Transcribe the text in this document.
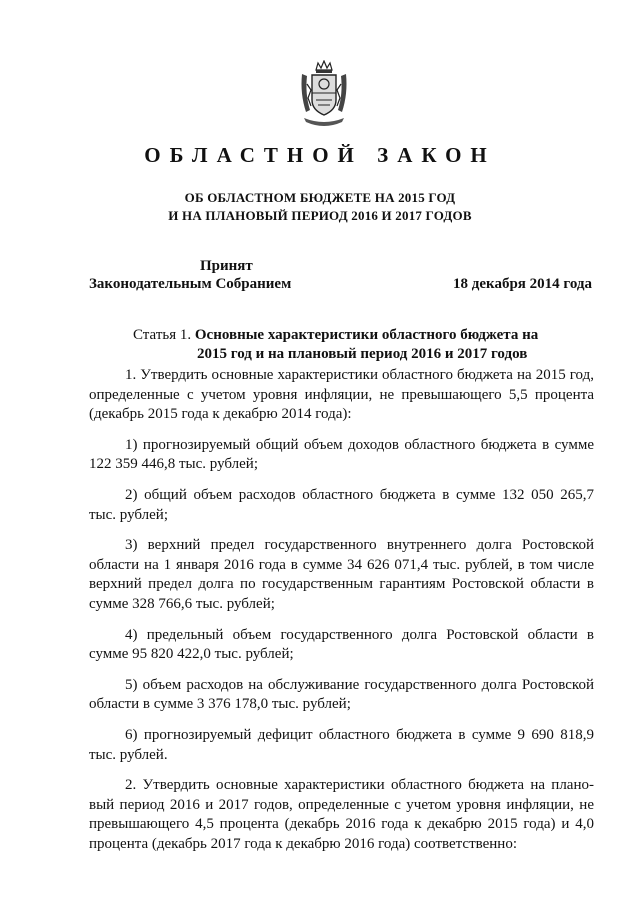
ОБЛАСТНОЙ ЗАКОН
ОБ ОБЛАСТНОМ БЮДЖЕТЕ НА 2015 ГОД
И НА ПЛАНОВЫЙ ПЕРИОД 2016 И 2017 ГОДОВ
Принят
Законодательным Собранием	18 декабря 2014 года
Статья 1. Основные характеристики областного бюджета на
2015 год и на плановый период 2016 и 2017 годов

1. Утвердить основные характеристики областного бюджета на 2015 год, определенные с учетом уровня инфляции, не превышающего 5,5 процента (декабрь 2015 года к декабрю 2014 года):

1) прогнозируемый общий объем доходов областного бюджета в сумме 122 359 446,8 тыс. рублей;

2) общий объем расходов областного бюджета в сумме 132 050 265,7 тыс. рублей;

3) верхний предел государственного внутреннего долга Ростовской области на 1 января 2016 года в сумме 34 626 071,4 тыс. рублей, в том числе верхний предел долга по государственным гарантиям Ростовской области в сумме 328 766,6 тыс. рублей;

4) предельный объем государственного долга Ростовской области в сумме 95 820 422,0 тыс. рублей;

5) объем расходов на обслуживание государственного долга Ростовской области в сумме 3 376 178,0 тыс. рублей;

6) прогнозируемый дефицит областного бюджета в сумме 9 690 818,9 тыс. рублей.

2. Утвердить основные характеристики областного бюджета на плано-вый период 2016 и 2017 годов, определенные с учетом уровня инфляции, не превышающего 4,5 процента (декабрь 2016 года к декабрю 2015 года) и 4,0 процента (декабрь 2017 года к декабрю 2016 года) соответственно:
